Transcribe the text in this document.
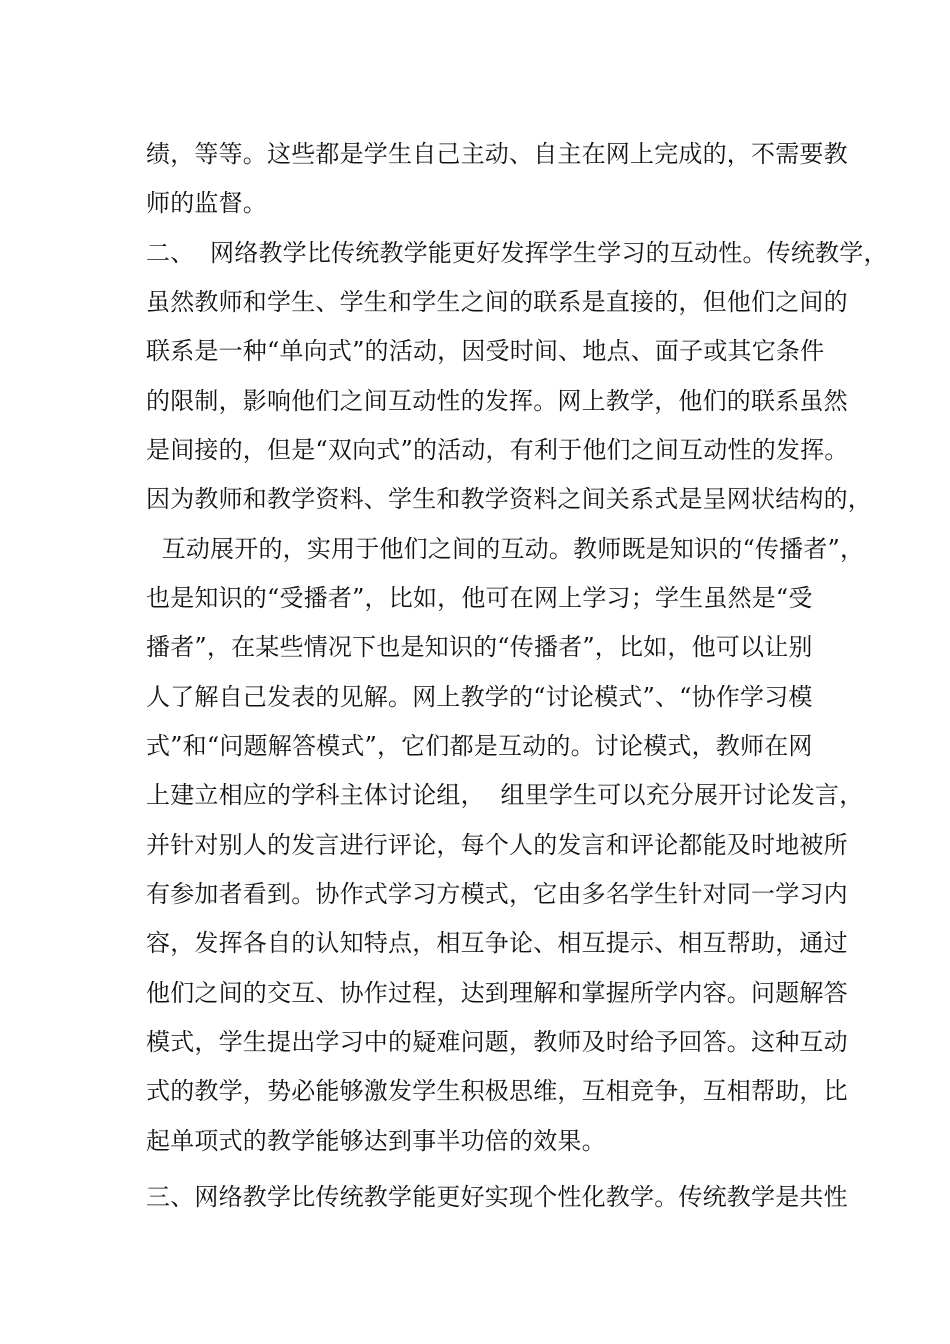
绩，等等。这些都是学生自己主动、自主在网上完成的，不需要教
师的监督。
二、  网络教学比传统教学能更好发挥学生学习的互动性。传统教学，
虽然教师和学生、学生和学生之间的联系是直接的，但他们之间的
联系是一种“单向式”的活动，因受时间、地点、面子或其它条件
的限制，影响他们之间互动性的发挥。网上教学，他们的联系虽然
是间接的，但是“双向式”的活动，有利于他们之间互动性的发挥。
因为教师和教学资料、学生和教学资料之间关系式是呈网状结构的，
互动展开的，实用于他们之间的互动。教师既是知识的“传播者”，
也是知识的“受播者”，比如，他可在网上学习；学生虽然是“受
播者”，在某些情况下也是知识的“传播者”，比如，他可以让别
人了解自己发表的见解。网上教学的“讨论模式”、“协作学习模
式”和“问题解答模式”，它们都是互动的。讨论模式，教师在网
上建立相应的学科主体讨论组，  组里学生可以充分展开讨论发言，
并针对别人的发言进行评论，每个人的发言和评论都能及时地被所
有参加者看到。协作式学习方模式，它由多名学生针对同一学习内
容，发挥各自的认知特点，相互争论、相互提示、相互帮助，通过
他们之间的交互、协作过程，达到理解和掌握所学内容。问题解答
模式，学生提出学习中的疑难问题，教师及时给予回答。这种互动
式的教学，势必能够激发学生积极思维，互相竞争，互相帮助，比
起单项式的教学能够达到事半功倍的效果。
三、网络教学比传统教学能更好实现个性化教学。传统教学是共性
